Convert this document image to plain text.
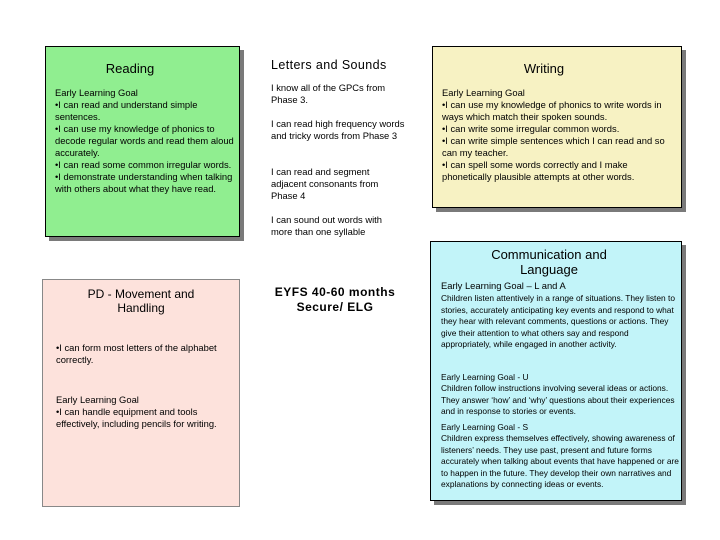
Reading
Early Learning Goal
•I can read and understand simple sentences.
•I can use my knowledge of phonics to decode regular words and read them aloud accurately.
•I can read some common irregular words.
•I demonstrate understanding when talking with others about what they have read.
Letters and Sounds
I know all of the GPCs from Phase 3.
I can read high frequency words and tricky words from Phase 3
I can read and segment adjacent consonants from Phase 4
I can sound out words with more than one syllable
Writing
Early Learning Goal
•I can use my knowledge of phonics to write words in ways which match their spoken sounds.
•I can write some irregular common words.
•I can write simple sentences which I can read and so can my teacher.
•I can spell some words correctly and I make phonetically plausible attempts at other words.
PD - Movement and Handling
•I can form most letters of the alphabet correctly.
Early Learning Goal
•I can handle equipment and tools effectively, including pencils for writing.
EYFS 40-60 months Secure/ ELG
Communication and Language
Early Learning Goal – L and A
Children listen attentively in a range of situations. They listen to stories, accurately anticipating key events and respond to what they hear with relevant comments, questions or actions. They give their attention to what others say and respond appropriately, while engaged in another activity.
Early Learning Goal - U
Children follow instructions involving several ideas or actions. They answer ‘how’ and ‘why’ questions about their experiences and in response to stories or events.
Early Learning Goal - S
Children express themselves effectively, showing awareness of listeners’ needs. They use past, present and future forms accurately when talking about events that have happened or are to happen in the future. They develop their own narratives and explanations by connecting ideas or events.
